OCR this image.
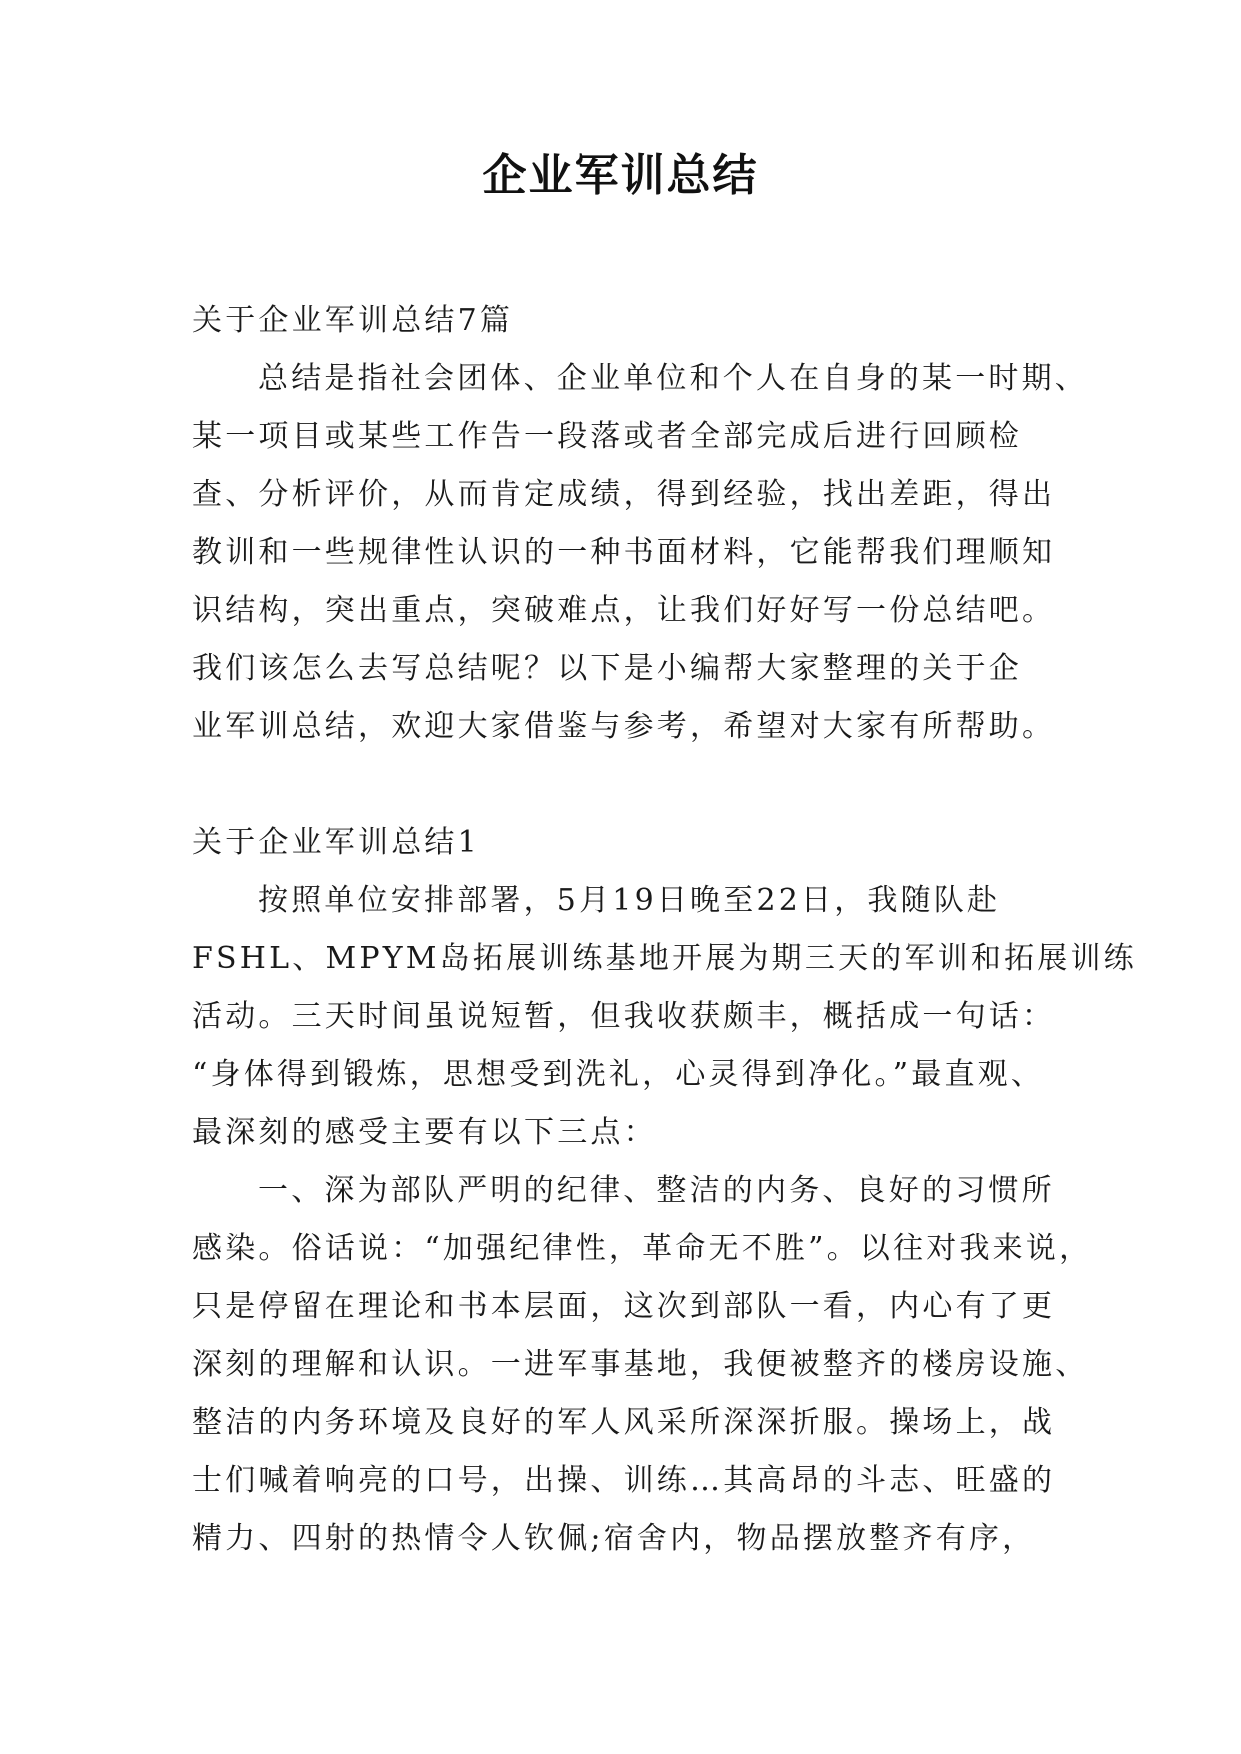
企业军训总结
关于企业军训总结7篇
总结是指社会团体、企业单位和个人在自身的某一时期、
某一项目或某些工作告一段落或者全部完成后进行回顾检
查、分析评价，从而肯定成绩，得到经验，找出差距，得出
教训和一些规律性认识的一种书面材料，它能帮我们理顺知
识结构，突出重点，突破难点，让我们好好写一份总结吧。
我们该怎么去写总结呢？以下是小编帮大家整理的关于企
业军训总结，欢迎大家借鉴与参考，希望对大家有所帮助。
关于企业军训总结1
按照单位安排部署，5月19日晚至22日，我随队赴
FSHL、MPYM岛拓展训练基地开展为期三天的军训和拓展训练
活动。三天时间虽说短暂，但我收获颇丰，概括成一句话：
“身体得到锻炼，思想受到洗礼，心灵得到净化。”最直观、
最深刻的感受主要有以下三点：
一、深为部队严明的纪律、整洁的内务、良好的习惯所
感染。俗话说：“加强纪律性，革命无不胜”。以往对我来说，
只是停留在理论和书本层面，这次到部队一看，内心有了更
深刻的理解和认识。一进军事基地，我便被整齐的楼房设施、
整洁的内务环境及良好的军人风采所深深折服。操场上，战
士们喊着响亮的口号，出操、训练…其高昂的斗志、旺盛的
精力、四射的热情令人钦佩;宿舍内，物品摆放整齐有序，
